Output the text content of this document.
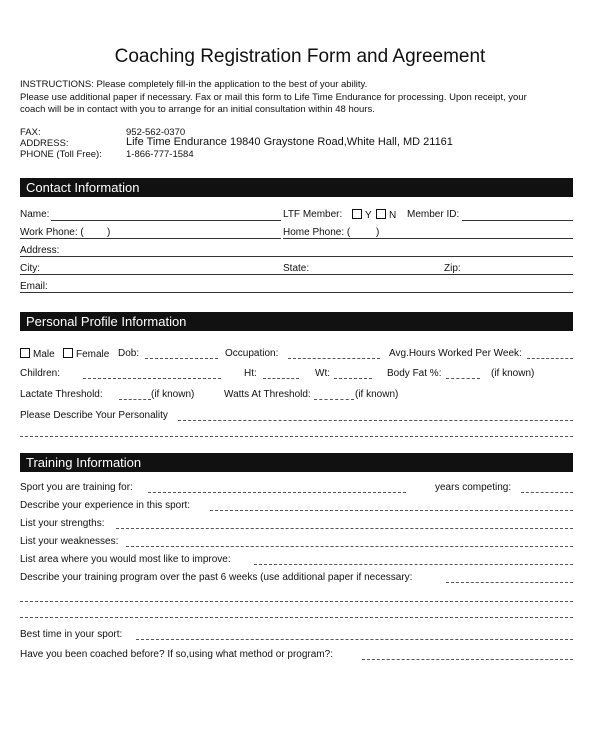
Coaching Registration Form and Agreement
INSTRUCTIONS: Please completely fill-in the application to the best of your ability.
Please use additional paper if necessary. Fax or mail this form to Life Time Endurance for processing. Upon receipt, your
coach will be in contact with you to arrange for an initial consultation within 48 hours.
FAX:	952-562-0370
ADDRESS:	Life Time Endurance 19840 Graystone Road,White Hall, MD 21161
PHONE (Toll Free):	1-866-777-1584
Contact Information
Name:	LTF Member:	Y	N Member ID:
Work Phone: ( )	Home Phone: (	)
Address:
City:	State:	Zip:
Email:
Personal Profile Information
Male	Female Dob:	Occupation:	Avg.Hours Worked Per Week:
Children:	Ht:	Wt:	Body Fat %:	(if known)
Lactate Threshold:	(if known)	Watts At Threshold:	(if known)
Please Describe Your Personality
Training Information
Sport you are training for:	years competing:
Describe your experience in this sport:
List your strengths:
List your weaknesses:
List area where you would most like to improve:
Describe your training program over the past 6 weeks (use additional paper if necessary:
Best time in your sport:
Have you been coached before? If so,using what method or program?:
